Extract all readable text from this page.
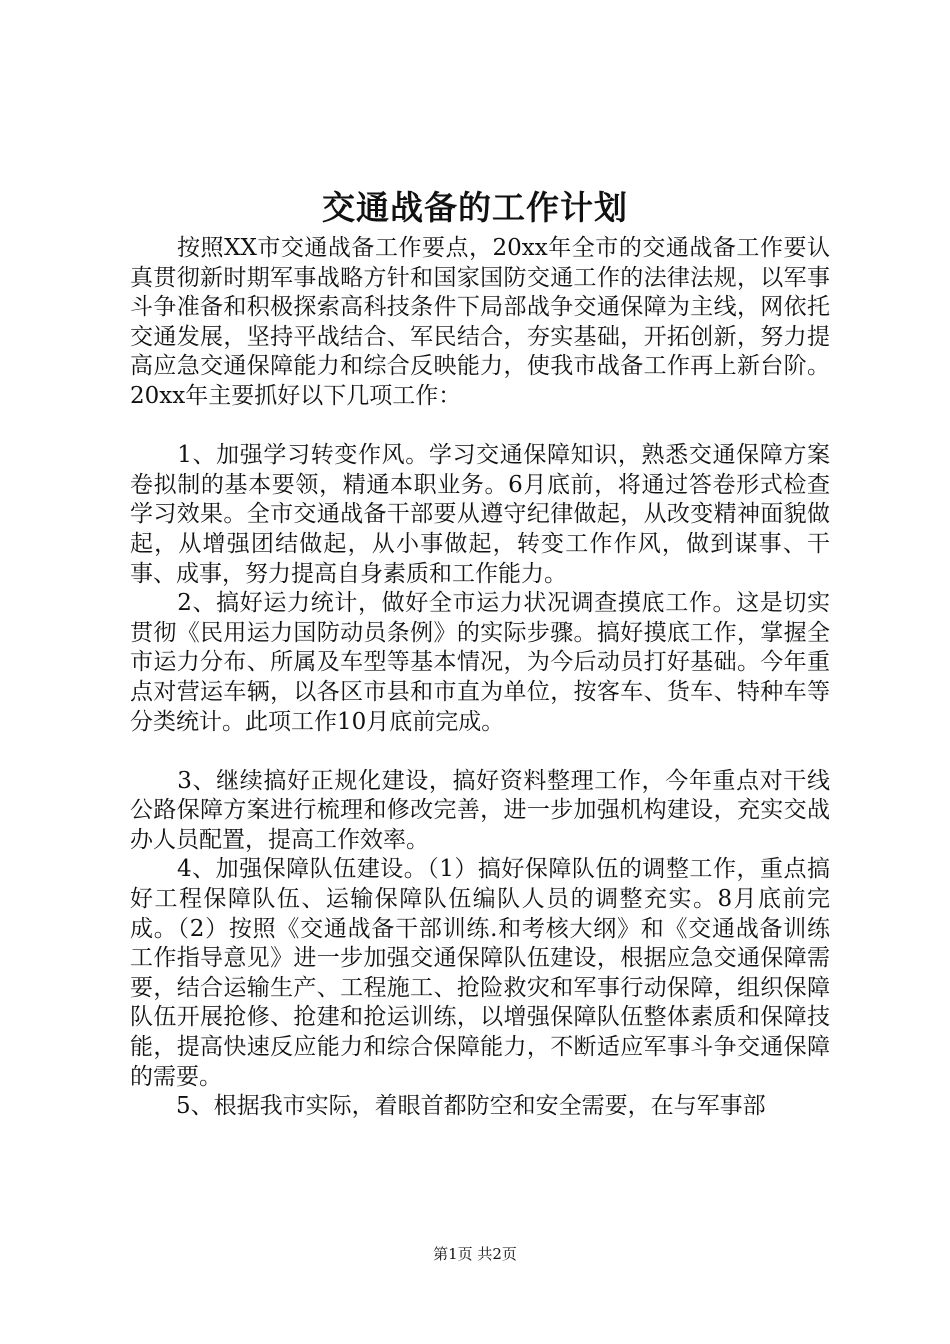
交通战备的工作计划

　　按照XX市交通战备工作要点，20xx年全市的交通战备工作要认真贯彻新时期军事战略方针和国家国防交通工作的法律法规，以军事斗争准备和积极探索高科技条件下局部战争交通保障为主线，网依托交通发展，坚持平战结合、军民结合，夯实基础，开拓创新，努力提高应急交通保障能力和综合反映能力，使我市战备工作再上新台阶。20xx年主要抓好以下几项工作：

　　1、加强学习转变作风。学习交通保障知识，熟悉交通保障方案卷拟制的基本要领，精通本职业务。6月底前，将通过答卷形式检查学习效果。全市交通战备干部要从遵守纪律做起，从改变精神面貌做起，从增强团结做起，从小事做起，转变工作作风，做到谋事、干事、成事，努力提高自身素质和工作能力。

　　2、搞好运力统计，做好全市运力状况调查摸底工作。这是切实贯彻《民用运力国防动员条例》的实际步骤。搞好摸底工作，掌握全市运力分布、所属及车型等基本情况，为今后动员打好基础。今年重点对营运车辆，以各区市县和市直为单位，按客车、货车、特种车等分类统计。此项工作10月底前完成。

　　3、继续搞好正规化建设，搞好资料整理工作，今年重点对干线公路保障方案进行梳理和修改完善，进一步加强机构建设，充实交战办人员配置，提高工作效率。

　　4、加强保障队伍建设。（1）搞好保障队伍的调整工作，重点搞好工程保障队伍、运输保障队伍编队人员的调整充实。8月底前完成。（2）按照《交通战备干部训练.和考核大纲》和《交通战备训练工作指导意见》进一步加强交通保障队伍建设，根据应急交通保障需要，结合运输生产、工程施工、抢险救灾和军事行动保障，组织保障队伍开展抢修、抢建和抢运训练，以增强保障队伍整体素质和保障技能，提高快速反应能力和综合保障能力，不断适应军事斗争交通保障的需要。

　　5、根据我市实际，着眼首都防空和安全需要，在与军事部

第1页 共2页
